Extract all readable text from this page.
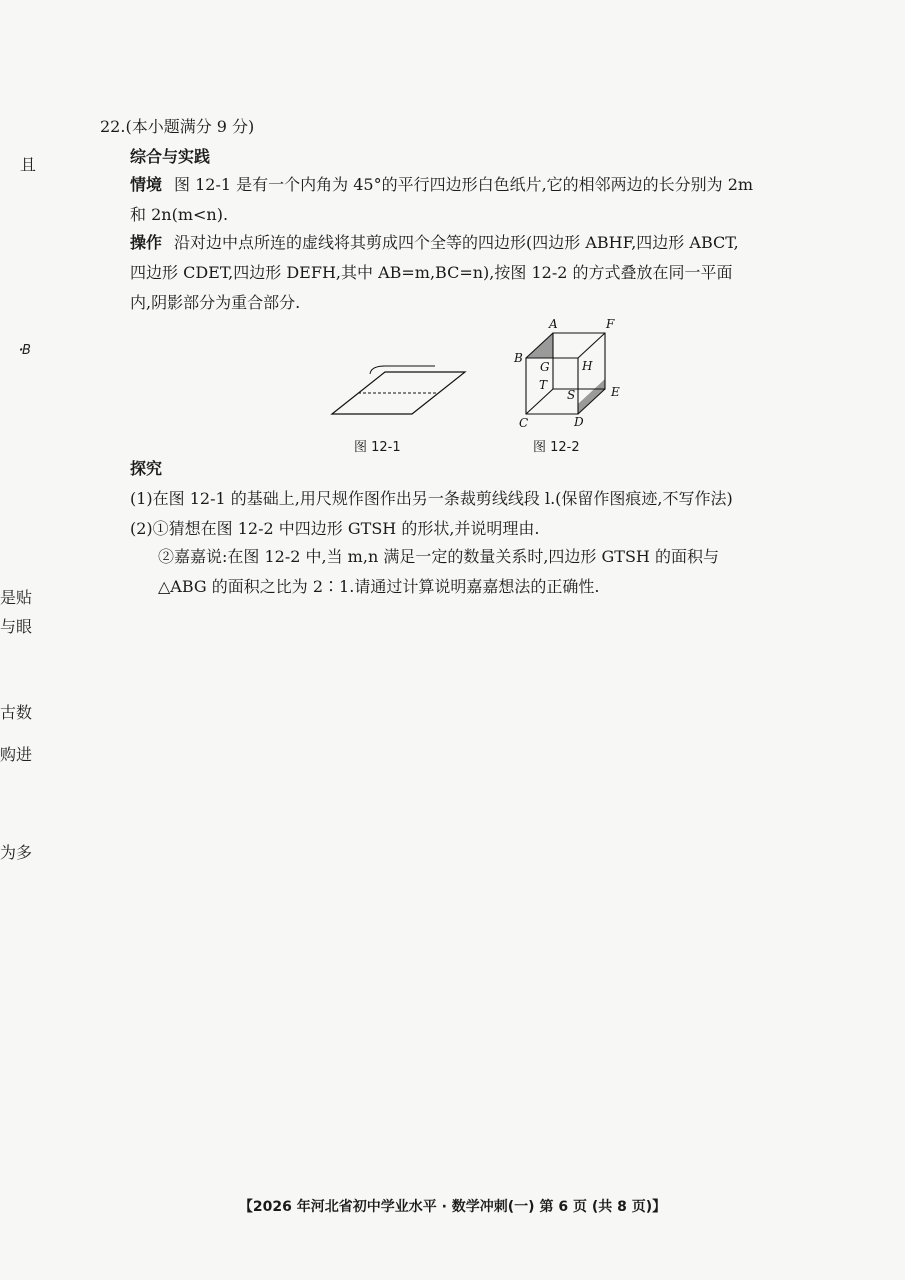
且
ꞏB
是贴
与眼
古数
购进
为多
22.(本小题满分 9 分)
综合与实践
情境 图 12-1 是有一个内角为 45°的平行四边形白色纸片,它的相邻两边的长分别为 2m
和 2n(m<n).
操作 沿对边中点所连的虚线将其剪成四个全等的四边形(四边形 ABHF,四边形 ABCT,
四边形 CDET,四边形 DEFH,其中 AB=m,BC=n),按图 12-2 的方式叠放在同一平面
内,阴影部分为重合部分.
图 12-1
A	F
B
G	H
T
S	E
C	D
图 12-2
探究
(1)在图 12-1 的基础上,用尺规作图作出另一条裁剪线线段 l.(保留作图痕迹,不写作法)
(2)①猜想在图 12-2 中四边形 GTSH 的形状,并说明理由.
②嘉嘉说:在图 12-2 中,当 m,n 满足一定的数量关系时,四边形 GTSH 的面积与
△ABG 的面积之比为 2∶1.请通过计算说明嘉嘉想法的正确性.
【2026 年河北省初中学业水平 · 数学冲刺(一) 第 6 页 (共 8 页)】
